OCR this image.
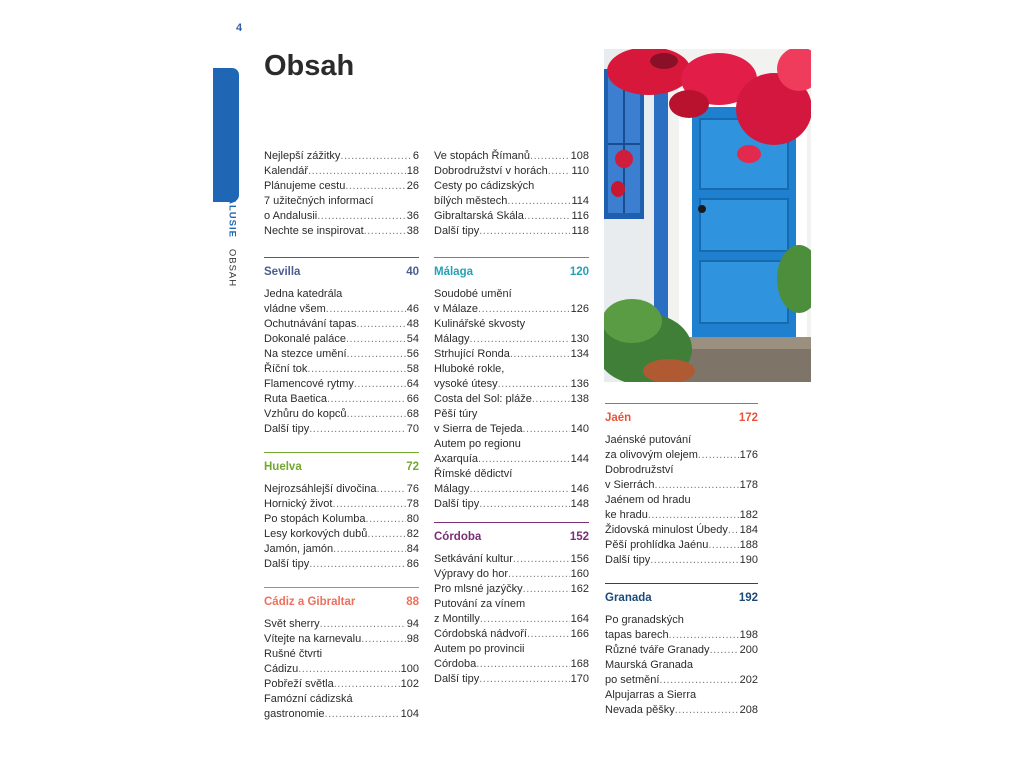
4
ANDALUSIE   OBSAH
Obsah
Nejlepší zážitky .....	6
Kalendář .....	18
Plánujeme cestu .....	26
7 užitečných informací
o Andalusii .....	36
Nechte se inspirovat .....	38
Sevilla	40
Jedna katedrála
vládne všem .....	46
Ochutnávání tapas .....	48
Dokonalé paláce .....	54
Na stezce umění .....	56
Říční tok .....	58
Flamencové rytmy .....	64
Ruta Baetica .....	66
Vzhůru do kopců .....	68
Další tipy .....	70
Huelva	72
Nejrozsáhlejší divočina .....	76
Hornický život .....	78
Po stopách Kolumba .....	80
Lesy korkových dubů .....	82
Jamón, jamón .....	84
Další tipy .....	86
Cádiz a Gibraltar	88
Svět sherry .....	94
Vítejte na karnevalu .....	98
Rušné čtvrti
Cádizu .....	100
Pobřeží světla .....	102
Famózní cádizská
gastronomie .....	104
Ve stopách Římanů .....	108
Dobrodružství v horách ..... 110
Cesty po cádizských
bílých městech .....	114
Gibraltarská Skála .....	116
Další tipy .....	118
Málaga	120
Soudobé umění
v Málaze .....	126
Kulinářské skvosty
Málagy .....	130
Strhující Ronda .....	134
Hluboké rokle,
vysoké útesy .....	136
Costa del Sol: pláže .....	138
Pěší túry
v Sierra de Tejeda .....	140
Autem po regionu
Axarquía .....	144
Římské dědictví
Málagy .....	146
Další tipy .....	148
Córdoba	152
Setkávání kultur .....	156
Výpravy do hor .....	160
Pro mlsné jazýčky .....	162
Putování za vínem
z Montilly .....	164
Córdobská nádvoří .....	166
Autem po provincii
Córdoba .....	168
Další tipy .....	170
Jaén	172
Jaénské putování
za olivovým olejem .....	176
Dobrodružství
v Sierrách .....	178
Jaénem od hradu
ke hradu .....	182
Židovská minulost Úbedy ..... 184
Pěší prohlídka Jaénu .....	188
Další tipy .....	190
Granada	192
Po granadských
tapas barech .....	198
Různé tváře Granady .....	200
Maurská Granada
po setmění .....	202
Alpujarras a Sierra
Nevada pěšky .....	208
